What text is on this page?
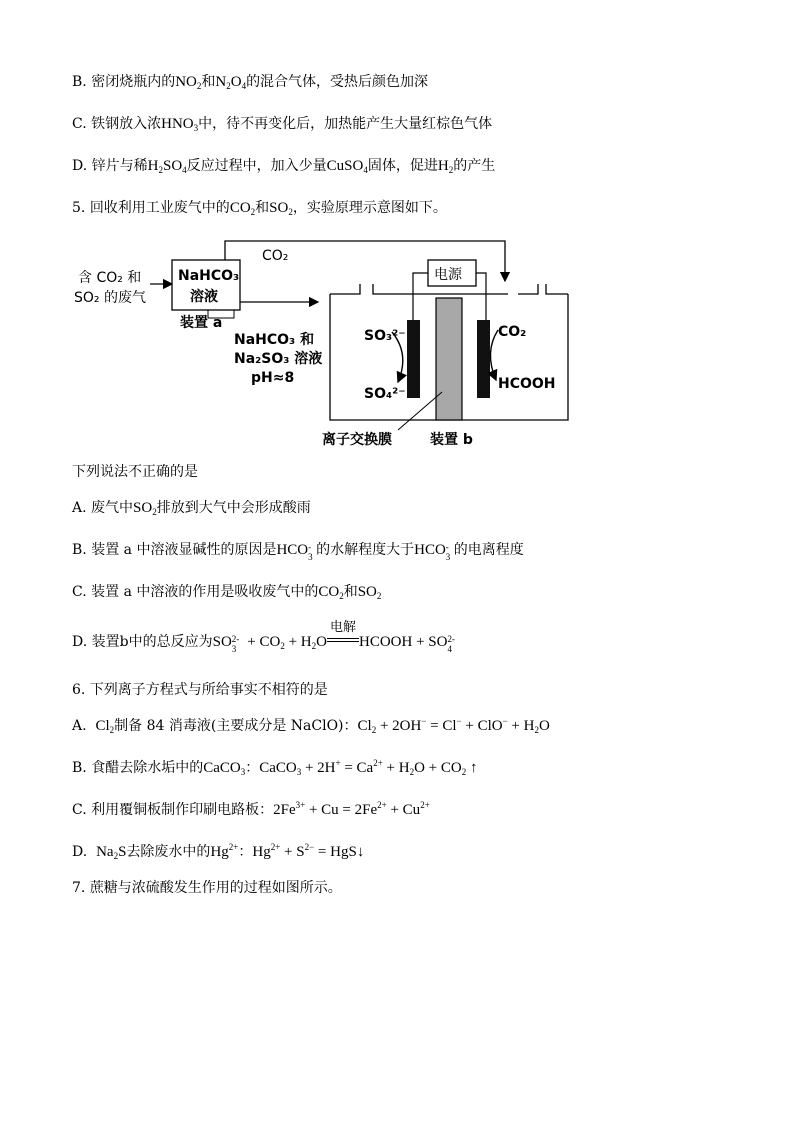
B. 密闭烧瓶内的$NO_2$和$N_2O_4$的混合气体，受热后颜色加深
C. 铁钢放入浓$HNO_3$中，待不再变化后，加热能产生大量红棕色气体
D. 锌片与稀$H_2SO_4$反应过程中，加入少量CuSO$_4$固体，促进$H_2$的产生
5. 回收利用工业废气中的$CO_2$和$SO_2$，实验原理示意图如下。
含 CO₂ 和
SO₂ 的废气
NaHCO₃
溶液
装置 a
CO₂
NaHCO₃ 和
Na₂SO₃ 溶液
pH≈8
电源
SO₃²⁻
SO₄²⁻
CO₂
HCOOH
离子交换膜	装置 b
下列说法不正确的是
A. 废气中$SO_2$排放到大气中会形成酸雨
B. 装置 a 中溶液显碱性的原因是HCO -
3 的水解程度大于HCO -
3 的电离程度
C. 装置 a 中溶液的作用是吸收废气中的$CO_2$和$SO_2$
D. 装置b中的总反应为SO 2-
$3 + CO_2 + H_2O$
电解
HCOOH + SO 2-
4
6. 下列离子方程式与所给事实不相符的是
A. $Cl_2$制备 84 消毒液(主要成分是 NaClO)：$Cl_2 + 2OH^- = Cl^- + ClO^- + H_2O$
B. 食醋去除水垢中的CaCO$_3$：CaCO$_3$ + $2H^+ = Ca^{2+} + H_2O + CO_2$ ↑
C. 利用覆铜板制作印刷电路板：$2Fe^{3+} + Cu = 2Fe^{2+} + Cu^{2+}$
D. $Na_2S$去除废水中的$Hg^{2+}$：$Hg^{2+} + S^{2-}$ = HgS↓
7. 蔗糖与浓硫酸发生作用的过程如图所示。
